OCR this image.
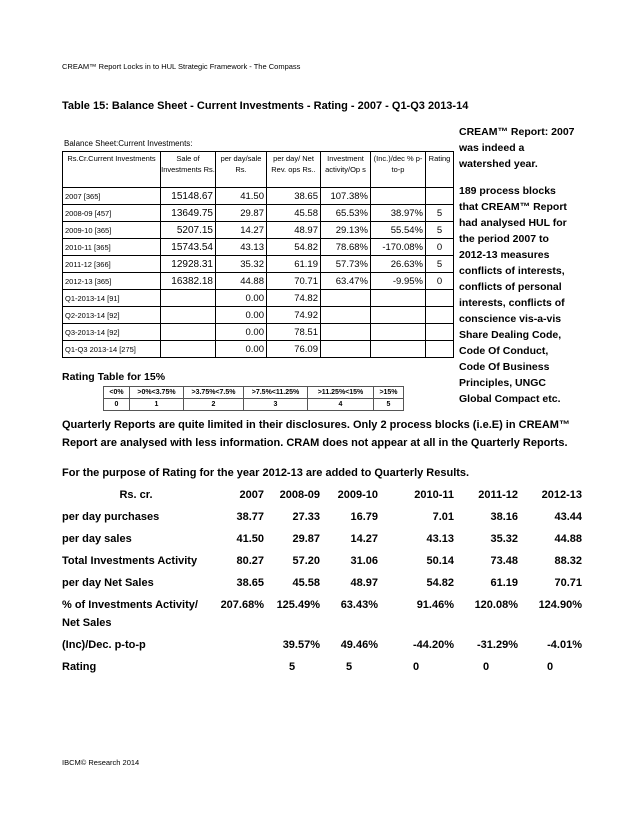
CREAM™ Report Locks in to HUL Strategic Framework - The Compass
Table 15: Balance Sheet - Current Investments - Rating - 2007 - Q1-Q3 2013-14
Balance Sheet:Current Investments:
Rs.Cr.Current Investments	Sale of Investments Rs.	per day/sale Rs.	per day/ Net Rev. ops Rs..	Investment activity/Op s	(Inc.)/dec % p-to-p	Rating
2007 [365]	15148.67	41.50	38.65	107.38%		
2008-09 [457]	13649.75	29.87	45.58	65.53%	38.97%	5
2009-10 [365]	5207.15	14.27	48.97	29.13%	55.54%	5
2010-11 [365]	15743.54	43.13	54.82	78.68%	-170.08%	0
2011-12 [366]	12928.31	35.32	61.19	57.73%	26.63%	5
2012-13 [365]	16382.18	44.88	70.71	63.47%	-9.95%	0
Q1-2013-14 [91]		0.00	74.82			
Q2-2013-14 [92]		0.00	74.92			
Q3-2013-14 [92]		0.00	78.51			
Q1-Q3 2013-14 [275]		0.00	76.09			

CREAM™ Report: 2007 was indeed a watershed year.

189 process blocks that CREAM™ Report had analysed HUL for the period 2007 to 2012-13 measures conflicts of interests, conflicts of personal interests, conflicts of conscience vis-a-vis Share Dealing Code, Code Of Conduct, Code Of Business Principles, UNGC Global Compact etc.

Rating Table for 15%
<0%	>0%<3.75%	>3.75%<7.5%	>7.5%<11.25%	>11.25%<15%	>15%
0	1	2	3	4	5
Quarterly Reports are quite limited in their disclosures. Only 2 process blocks (i.e.E) in CREAM™ Report are analysed with less information. CRAM does not appear at all in the Quarterly Reports.
For the purpose of Rating for the year 2012-13 are added to Quarterly Results.
Rs. cr.	2007	2008-09	2009-10	2010-11	2011-12	2012-13
per day purchases	38.77	27.33	16.79	7.01	38.16	43.44
per day sales	41.50	29.87	14.27	43.13	35.32	44.88
Total Investments Activity	80.27	57.20	31.06	50.14	73.48	88.32
per day Net Sales	38.65	45.58	48.97	54.82	61.19	70.71
% of Investments Activity/ Net Sales	207.68%	125.49%	63.43%	91.46%	120.08%	124.90%
(Inc)/Dec. p-to-p		39.57%	49.46%	-44.20%	-31.29%	-4.01%
Rating		5	5	0	0	0
IBCM© Research 2014
